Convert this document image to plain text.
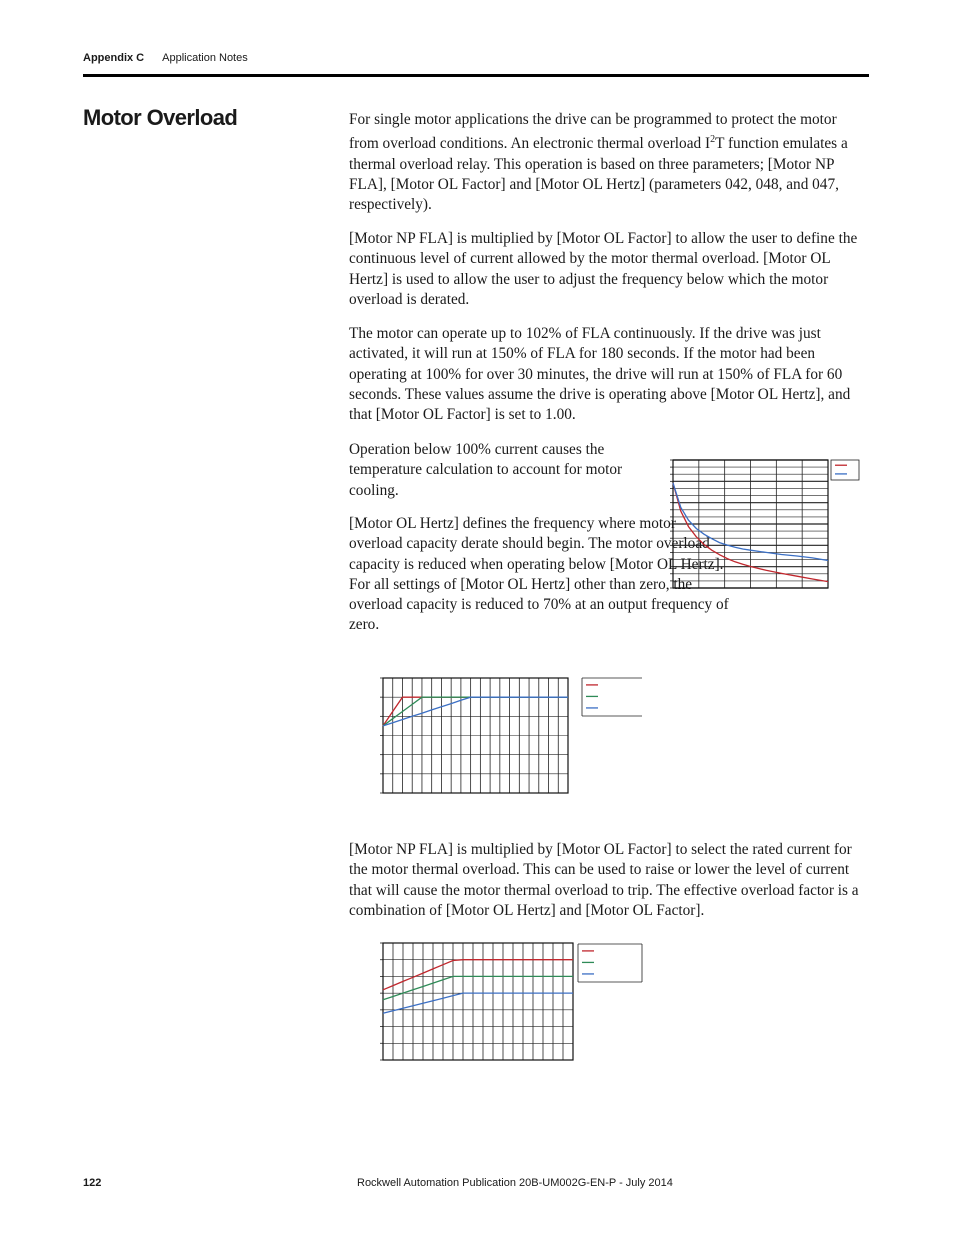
Appendix C Application Notes
Motor Overload	For single motor applications the drive can be programmed to protect the motor from overload conditions. An electronic thermal overload $I^2T$ function emulates a thermal overload relay. This operation is based on three parameters; [Motor NP FLA], [Motor OL Factor] and [Motor OL Hertz] (parameters 042, 048, and 047, respectively).

[Motor NP FLA] is multiplied by [Motor OL Factor] to allow the user to define the continuous level of current allowed by the motor thermal overload. [Motor OL Hertz] is used to allow the user to adjust the frequency below which the motor overload is derated.

The motor can operate up to 102% of FLA continuously. If the drive was just activated, it will run at 150% of FLA for 180 seconds. If the motor had been operating at 100% for over 30 minutes, the drive will run at 150% of FLA for 60 seconds. These values assume the drive is operating above [Motor OL Hertz], and that [Motor OL Factor] is set to 1.00.

Operation below 100% current causes the temperature calculation to account for motor cooling.

[Motor OL Hertz] defines the frequency where motor overload capacity derate should begin. The motor overload capacity is reduced when operating below [Motor OL Hertz]. For all settings of [Motor OL Hertz] other than zero, the overload capacity is reduced to 70% at an output frequency of zero.

[Motor NP FLA] is multiplied by [Motor OL Factor] to select the rated current for the motor thermal overload. This can be used to raise or lower the level of current that will cause the motor thermal overload to trip. The effective overload factor is a combination of [Motor OL Hertz] and [Motor OL Factor].

122	Rockwell Automation Publication 20B-UM002G-EN-P - July 2014
